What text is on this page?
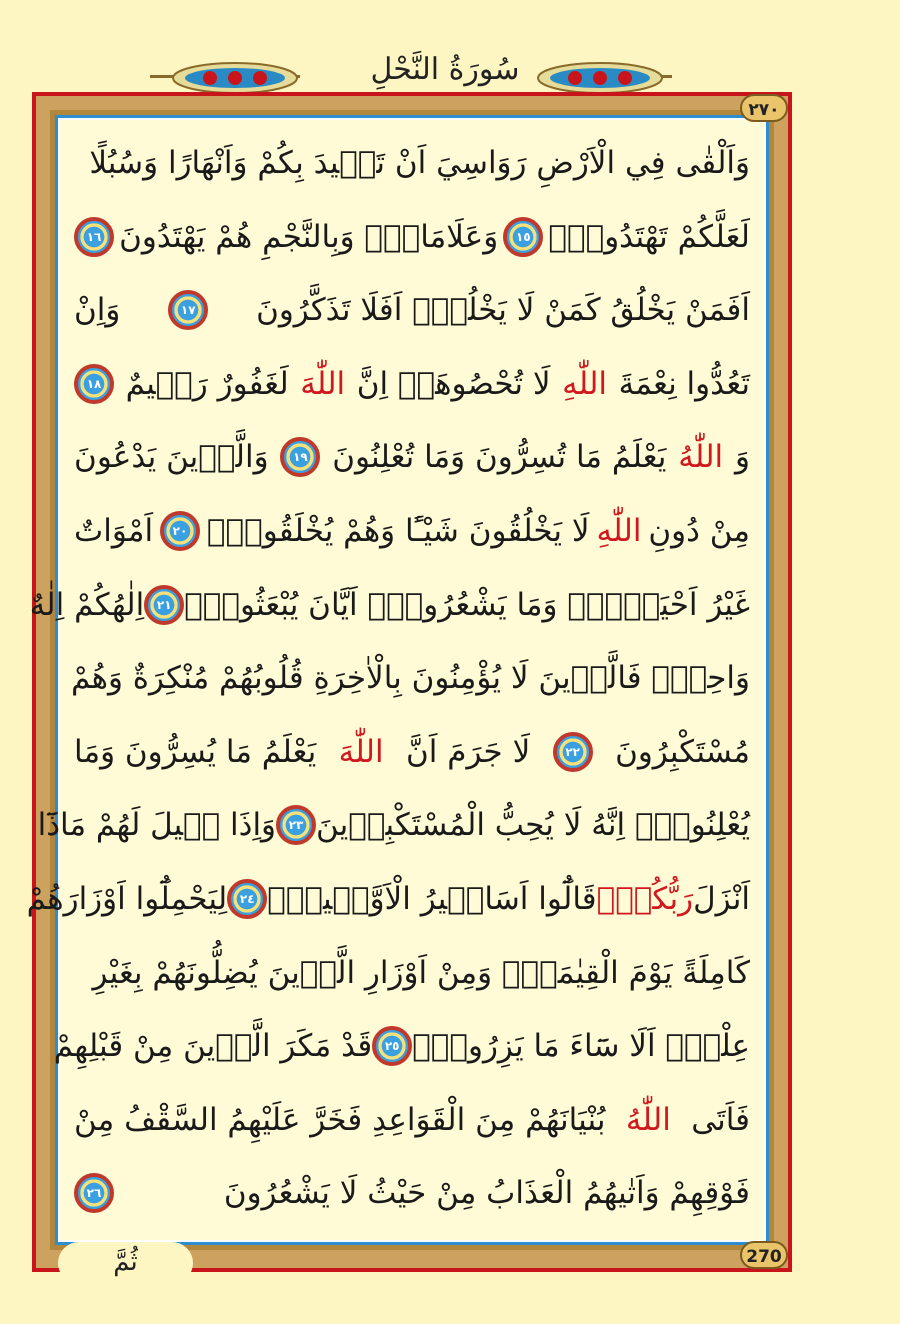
سُورَةُ النَّحْلِ
وَاَلْقٰى فِي الْاَرْضِ رَوَاسِيَ اَنْ تَم۪يدَ بِكُمْ وَاَنْهَارًا وَسُبُلًا
لَعَلَّكُمْ تَهْتَدُونَۙ
١٥
وَعَلَامَاتٍۜ وَبِالنَّجْمِ هُمْ يَهْتَدُونَ
١٦
اَفَمَنْ يَخْلُقُ كَمَنْ لَا يَخْلُقُۜ اَفَلَا تَذَكَّرُونَ
١٧
وَاِنْ
تَعُدُّوا نِعْمَةَ
اللّٰهِ
لَا تُحْصُوهَاۜ اِنَّ
اللّٰهَ
لَغَفُورٌ رَح۪يمٌ
١٨
وَ
اللّٰهُ
يَعْلَمُ مَا تُسِرُّونَ وَمَا تُعْلِنُونَ
١٩
وَالَّذ۪ينَ يَدْعُونَ
مِنْ دُونِ
اللّٰهِ
لَا يَخْلُقُونَ شَيْـًٔا وَهُمْ يُخْلَقُونَۜ
٢٠
اَمْوَاتٌ
غَيْرُ اَحْيَاۤءٍۚ وَمَا يَشْعُرُونَۙ اَيَّانَ يُبْعَثُونَۚ
٢١
اِلٰهُكُمْ اِلٰهٌ
وَاحِدٌۚ فَالَّذ۪ينَ لَا يُؤْمِنُونَ بِالْاٰخِرَةِ قُلُوبُهُمْ مُنْكِرَةٌ وَهُمْ
مُسْتَكْبِرُونَ
٢٢
لَا جَرَمَ اَنَّ
اللّٰهَ
يَعْلَمُ مَا يُسِرُّونَ وَمَا
يُعْلِنُونَۜ اِنَّهُ لَا يُحِبُّ الْمُسْتَكْبِر۪ينَ
٢٣
وَاِذَا ق۪يلَ لَهُمْ مَاذَٓا
اَنْزَلَ
رَبُّكُمْۙ
قَالُٓوا اَسَاط۪يرُ الْاَوَّل۪ينَۙ
٢٤
لِيَحْمِلُٓوا اَوْزَارَهُمْ
كَامِلَةً يَوْمَ الْقِيٰمَةِۙ وَمِنْ اَوْزَارِ الَّذ۪ينَ يُضِلُّونَهُمْ بِغَيْرِ
عِلْمٍۜ اَلَا سَٓاءَ مَا يَزِرُونَۚ
٢٥
قَدْ مَكَرَ الَّذ۪ينَ مِنْ قَبْلِهِمْ
فَاَتَى
اللّٰهُ
بُنْيَانَهُمْ مِنَ الْقَوَاعِدِ فَخَرَّ عَلَيْهِمُ السَّقْفُ مِنْ
فَوْقِهِمْ وَاَتٰيهُمُ الْعَذَابُ مِنْ حَيْثُ لَا يَشْعُرُونَ
٢٦
٢٧٠
270
ثُمَّ
